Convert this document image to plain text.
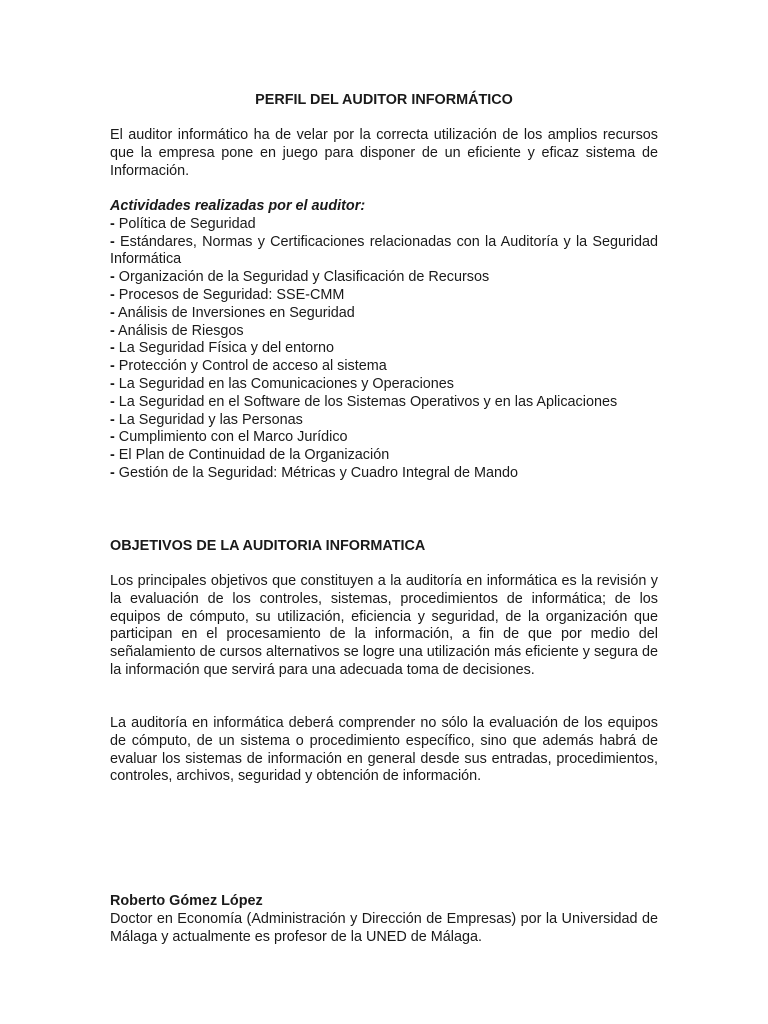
PERFIL DEL AUDITOR INFORMÁTICO

El auditor informático ha de velar por la correcta utilización de los amplios recursos que la empresa pone en juego para disponer de un eficiente y eficaz sistema de Información.

Actividades realizadas por el auditor:

- Política de Seguridad
- Estándares, Normas y Certificaciones relacionadas con la Auditoría y la Seguridad Informática
- Organización de la Seguridad y Clasificación de Recursos
- Procesos de Seguridad: SSE-CMM
- Análisis de Inversiones en Seguridad
- Análisis de Riesgos
- La Seguridad Física y del entorno
- Protección y Control de acceso al sistema
- La Seguridad en las Comunicaciones y Operaciones
- La Seguridad en el Software de los Sistemas Operativos y en las Aplicaciones
- La Seguridad y las Personas
- Cumplimiento con el Marco Jurídico
- El Plan de Continuidad de la Organización
- Gestión de la Seguridad: Métricas y Cuadro Integral de Mando
OBJETIVOS DE LA AUDITORIA INFORMATICA

Los principales objetivos que constituyen a la auditoría en informática es la revisión y la evaluación de los controles, sistemas, procedimientos de informática; de los equipos de cómputo, su utilización, eficiencia y seguridad, de la organización que participan en el procesamiento de la información, a fin de que por medio del señalamiento de cursos alternativos se logre una utilización más eficiente y segura de la información que servirá para una adecuada toma de decisiones.

La auditoría en informática deberá comprender no sólo la evaluación de los equipos de cómputo, de un sistema o procedimiento específico, sino que además habrá de evaluar los sistemas de información en general desde sus entradas, procedimientos, controles, archivos, seguridad y obtención de información.

Roberto Gómez López

Doctor en Economía (Administración y Dirección de Empresas) por la Universidad de Málaga y actualmente es profesor de la UNED de Málaga.
